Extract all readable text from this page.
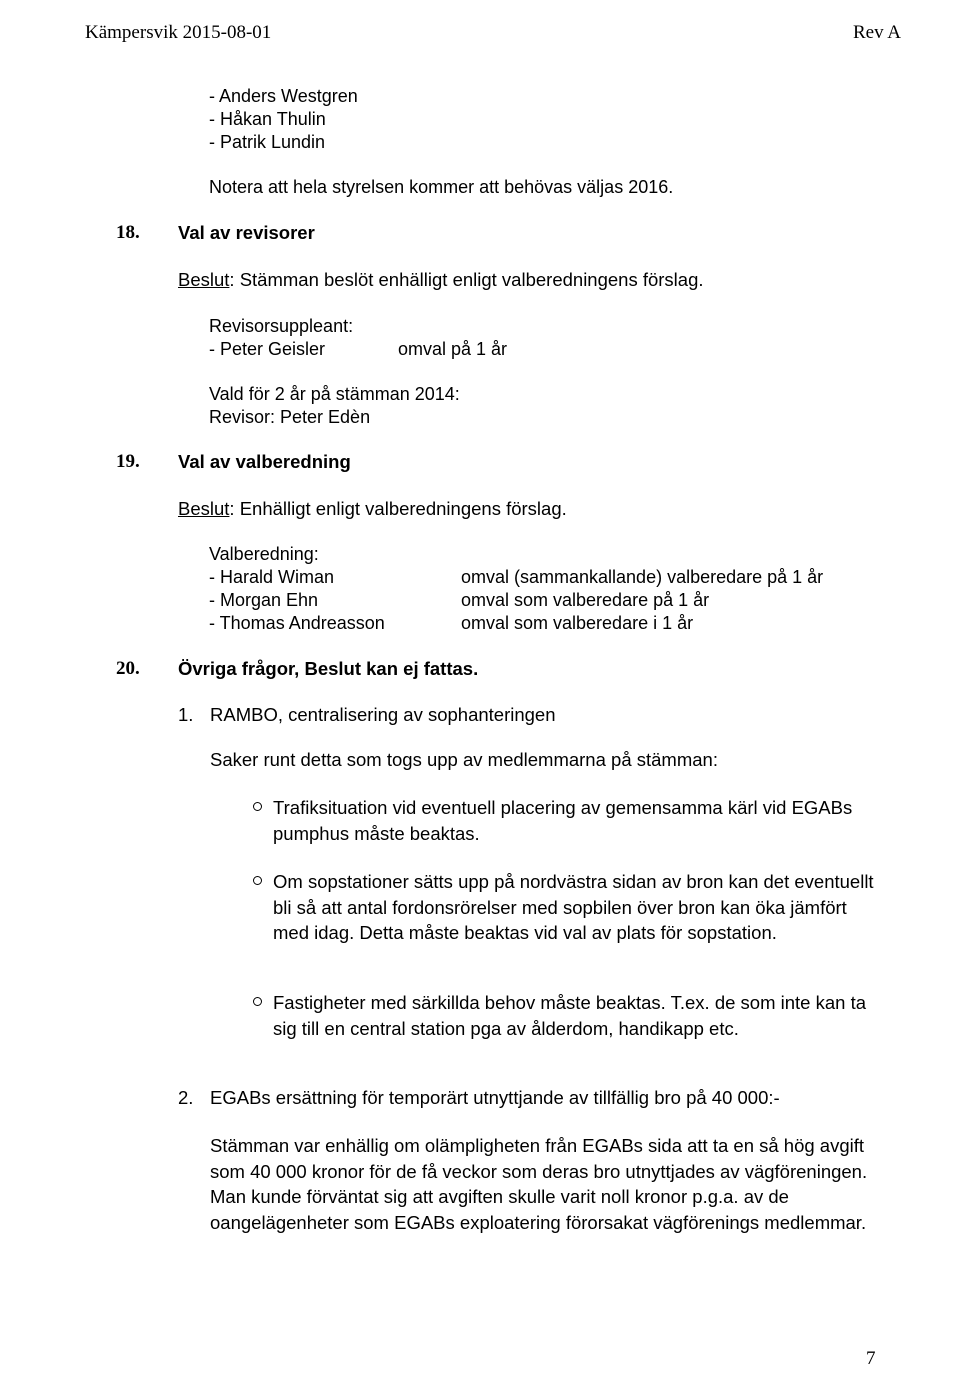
Kämpersvik 2015-08-01	Rev A
- Anders Westgren
- Håkan Thulin
- Patrik Lundin
Notera att hela styrelsen kommer att behövas väljas 2016.
18. Val av revisorer
Beslut: Stämman beslöt enhälligt enligt valberedningens förslag.
Revisorsuppleant:
- Peter Geisler	omval på 1 år
Vald för 2 år på stämman 2014:
Revisor: Peter Edèn
19. Val av valberedning
Beslut: Enhälligt enligt valberedningens förslag.
Valberedning:
- Harald Wiman	omval (sammankallande) valberedare på 1 år
- Morgan Ehn	omval som valberedare på 1 år
- Thomas Andreasson	omval som valberedare i 1 år
20. Övriga frågor, Beslut kan ej fattas.
1. RAMBO, centralisering av sophanteringen
Saker runt detta som togs upp av medlemmarna på stämman:
Trafiksituation vid eventuell placering av gemensamma kärl vid EGABs pumphus måste beaktas.
Om sopstationer sätts upp på nordvästra sidan av bron kan det eventuellt bli så att antal fordonsrörelser med sopbilen över bron kan öka jämfört med idag. Detta måste beaktas vid val av plats för sopstation.
Fastigheter med särkillda behov måste beaktas. T.ex. de som inte kan ta sig till en central station pga av ålderdom, handikapp etc.
2. EGABs ersättning för temporärt utnyttjande av tillfällig bro på 40 000:-
Stämman var enhällig om olämpligheten från EGABs sida att ta en så hög avgift som 40 000 kronor för de få veckor som deras bro utnyttjades av vägföreningen. Man kunde förväntat sig att avgiften skulle varit noll kronor p.g.a. av de oangelägenheter som EGABs exploatering förorsakat vägförenings medlemmar.
7
